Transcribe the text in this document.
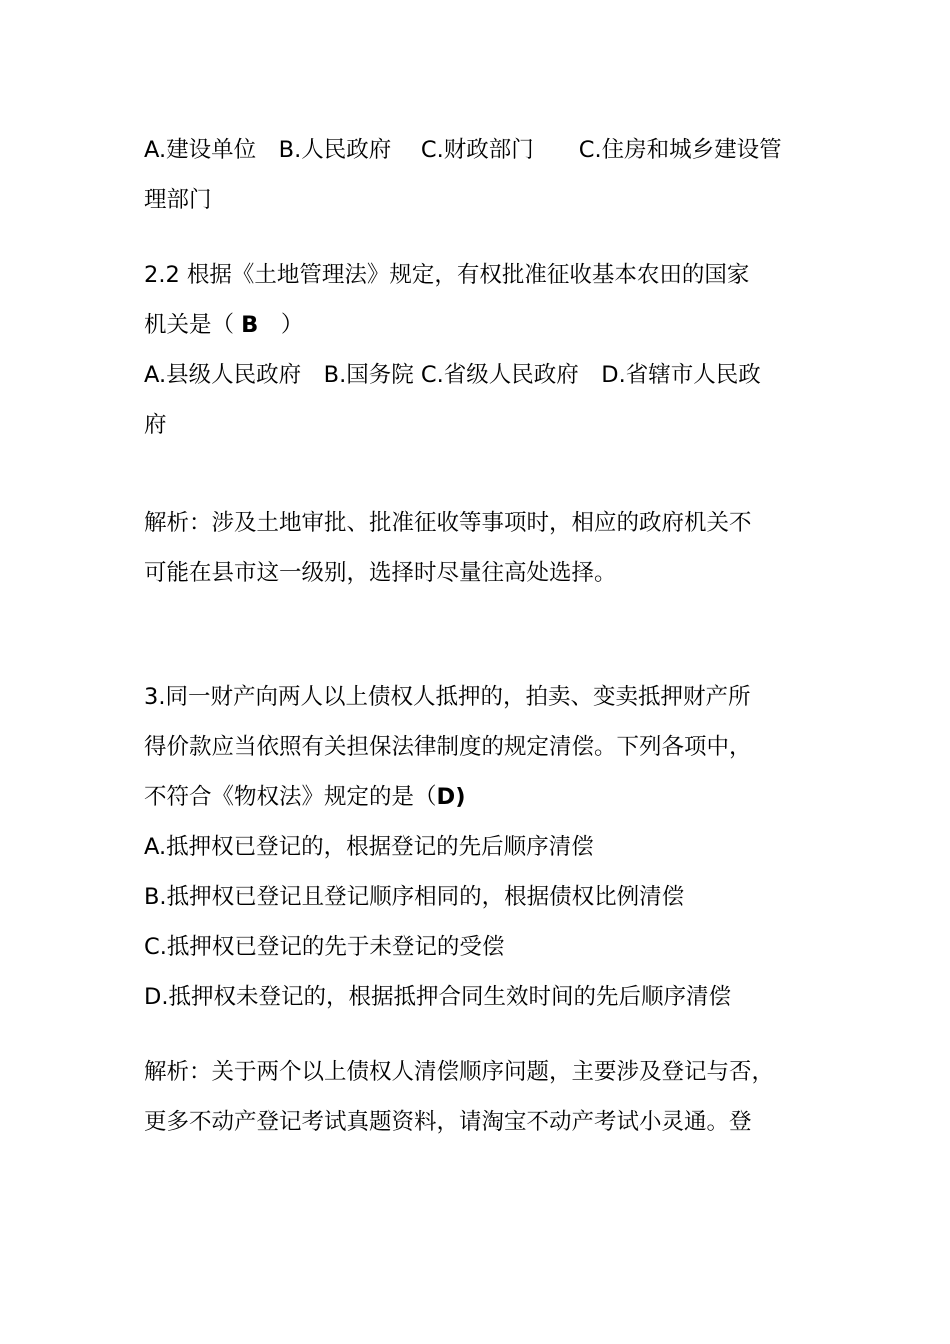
A.建设单位　B.人民政府　 C.财政部门　　C.住房和城乡建设管
理部门
2.2 根据《土地管理法》规定，有权批准征收基本农田的国家
机关是（ B　）
A.县级人民政府　B.国务院 C.省级人民政府　D.省辖市人民政
府
解析：涉及土地审批、批准征收等事项时，相应的政府机关不
可能在县市这一级别，选择时尽量往高处选择。
3.同一财产向两人以上债权人抵押的，拍卖、变卖抵押财产所
得价款应当依照有关担保法律制度的规定清偿。下列各项中，
不符合《物权法》规定的是（D)
A.抵押权已登记的，根据登记的先后顺序清偿
B.抵押权已登记且登记顺序相同的，根据债权比例清偿
C.抵押权已登记的先于未登记的受偿
D.抵押权未登记的，根据抵押合同生效时间的先后顺序清偿
解析：关于两个以上债权人清偿顺序问题，主要涉及登记与否，
更多不动产登记考试真题资料，请淘宝不动产考试小灵通。登
